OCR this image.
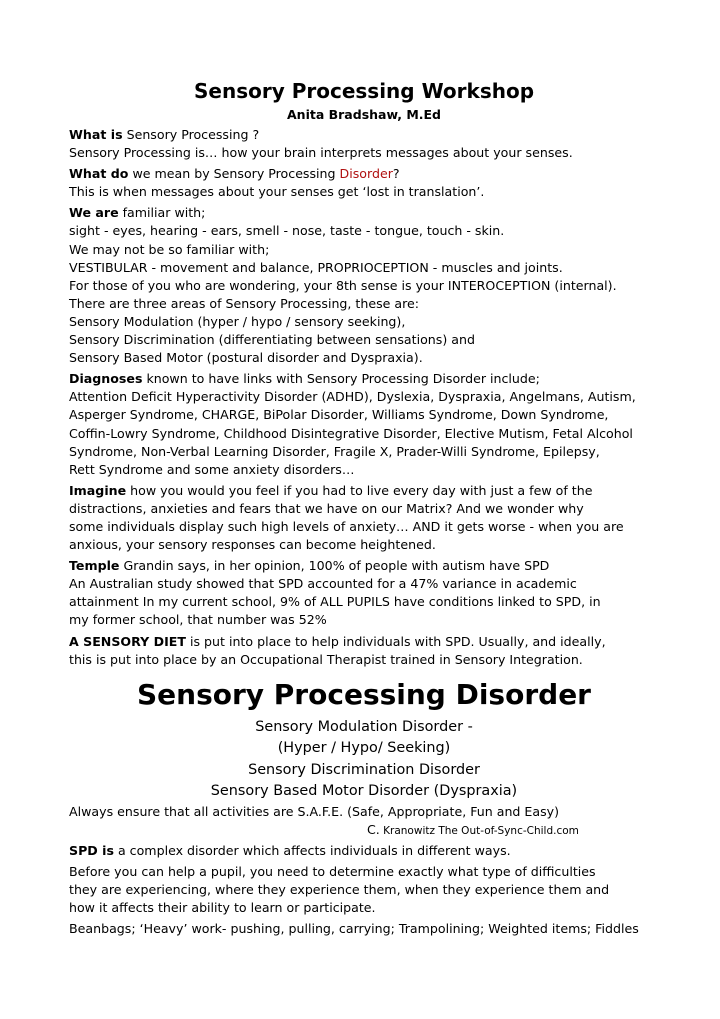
Sensory Processing Workshop
Anita Bradshaw, M.Ed
What is Sensory Processing ?
Sensory Processing is… how your brain interprets messages about your senses.
What do we mean by Sensory Processing Disorder?
This is when messages about your senses get ‘lost in translation’.
We are familiar with;
sight - eyes, hearing - ears, smell - nose, taste - tongue, touch - skin.
We may not be so familiar with;
VESTIBULAR - movement and balance, PROPRIOCEPTION - muscles and joints.
For those of you who are wondering, your 8th sense is your INTEROCEPTION (internal).
There are three areas of Sensory Processing, these are:
Sensory Modulation (hyper / hypo / sensory seeking),
Sensory Discrimination (differentiating between sensations) and
Sensory Based Motor (postural disorder and Dyspraxia).
Diagnoses known to have links with Sensory Processing Disorder include;
Attention Deficit Hyperactivity Disorder (ADHD), Dyslexia, Dyspraxia, Angelmans, Autism,
Asperger Syndrome, CHARGE, BiPolar Disorder, Williams Syndrome, Down Syndrome,
Coffin-Lowry Syndrome, Childhood Disintegrative Disorder, Elective Mutism, Fetal Alcohol
Syndrome, Non-Verbal Learning Disorder, Fragile X, Prader-Willi Syndrome, Epilepsy,
Rett Syndrome and some anxiety disorders…
Imagine how you would you feel if you had to live every day with just a few of the
distractions, anxieties and fears that we have on our Matrix? And we wonder why
some individuals display such high levels of anxiety… AND it gets worse - when you are
anxious, your sensory responses can become heightened.
Temple Grandin says, in her opinion, 100% of people with autism have SPD
An Australian study showed that SPD accounted for a 47% variance in academic
attainment In my current school, 9% of ALL PUPILS have conditions linked to SPD, in
my former school, that number was 52%
A SENSORY DIET is put into place to help individuals with SPD. Usually, and ideally,
this is put into place by an Occupational Therapist trained in Sensory Integration.
Sensory Processing Disorder
Sensory Modulation Disorder -
(Hyper / Hypo/ Seeking)
Sensory Discrimination Disorder
Sensory Based Motor Disorder (Dyspraxia)
Always ensure that all activities are S.A.F.E. (Safe, Appropriate, Fun and Easy)
C. Kranowitz The Out-of-Sync-Child.com
SPD is a complex disorder which affects individuals in different ways.
Before you can help a pupil, you need to determine exactly what type of difficulties
they are experiencing, where they experience them, when they experience them and
how it affects their ability to learn or participate.
Beanbags; ‘Heavy’ work- pushing, pulling, carrying; Trampolining; Weighted items; Fiddles
